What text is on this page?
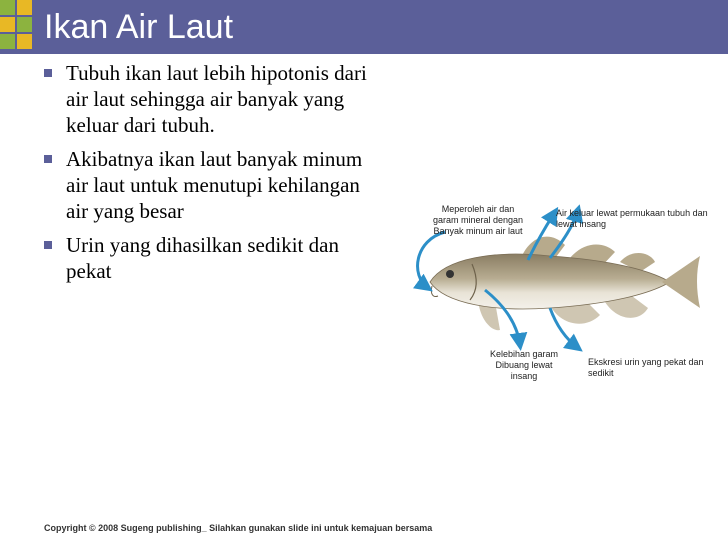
Ikan Air Laut
Tubuh ikan laut lebih hipotonis dari air laut sehingga air banyak yang keluar dari tubuh.
Akibatnya ikan laut banyak minum air laut untuk menutupi kehilangan air yang besar
Urin yang dihasilkan sedikit dan pekat
Meperoleh air dan garam mineral dengan Banyak minum air laut
Air keluar lewat permukaan tubuh dan lewat insang
Kelebihan garam Dibuang lewat insang
Ekskresi urin yang pekat dan sedikit
Copyright © 2008 Sugeng publishing_ Silahkan gunakan slide ini untuk kemajuan bersama
